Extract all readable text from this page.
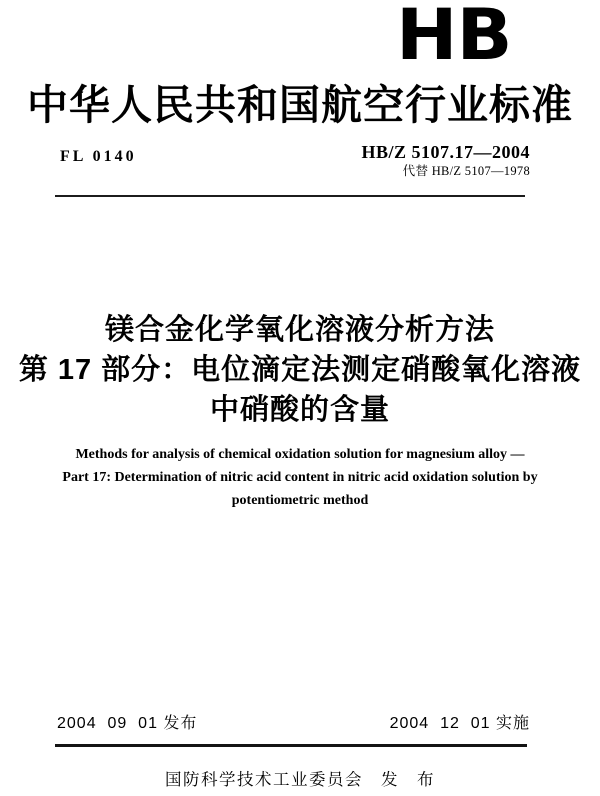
HB
中华人民共和国航空行业标准
FL 0140	HB/Z 5107.17—2004
代替 HB/Z 5107—1978
镁合金化学氧化溶液分析方法
第 17 部分：电位滴定法测定硝酸氧化溶液
中硝酸的含量
Methods for analysis of chemical oxidation solution for magnesium alloy —
Part 17: Determination of nitric acid content in nitric acid oxidation solution by
potentiometric method
2004  09  01 发布	2004  12  01 实施
国防科学技术工业委员会　发　布
